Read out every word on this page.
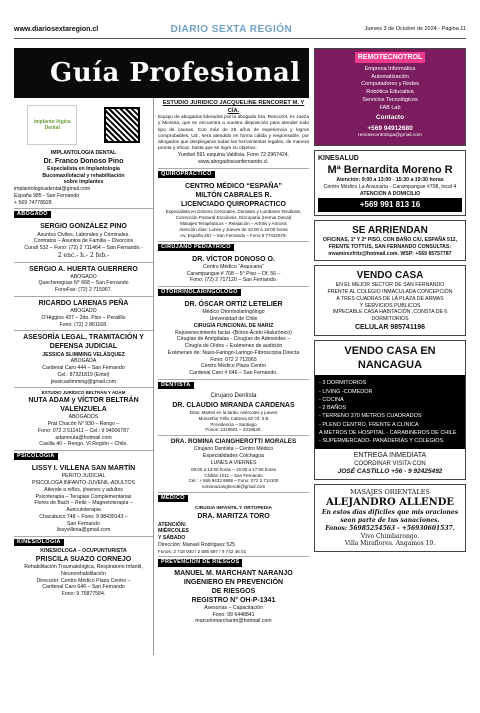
www.diariosextaregion.cl	DIARIO SEXTA REGIÓN	Jueves 3 de Octubre de 2024 - Página 11
Guía Profesional
implanto lógica Dental
IMPLANTOLOGIA DENTAL
Dr. Franco Donoso Pino
Especialista en Implantología
Bucomaxilofacial y rehabilitación
sobre implantes
implantologicadental@gmail.com
España 985 - San Fernando
+ 569 74778928
ABOGADO
SERGIO GONZÁLEZ PINO
Asuntos Civiles, Laborales y Criminales.
Contratos – Asuntos de Familia – Divorcios
Curalí 532 – Fono: (72) 2 711464 – San Fernando.-
2 enc.- h.- 2 feb.-
SERGIO A. HUERTA GUERRERO
ABOGADO
Quechereguas N° 668 – San Fernando
FonoFax: (72) 2 715967.
RICARDO LARENAS PEÑA
ABOGADO
O'Higgins 437 – 2do. Piso – Peralillo
Fono: (72) 2 861168.
ASESORÍA LEGAL, TRAMITACIÓN Y DEFENSA JUDICIAL
JESSICA SLIMMING VELÁSQUEZ
ABOGADA
Cardenal Caro 444 – San Fernando
Cel.: 87321819 (Entel)
jessicaslimming@gmail.com
ESTUDIO JURÍDICO BELTRÁN Y ADAM
NUTA ADAM y VÍCTOR BELTRÁN VALENZUELA
ABOGADOS
Prat Chacón N° 930 – Rengo –
Fono: 072 2 511411 – Cel.: 9 94006787
adamnuta@hotmail.com
Casilla 40 – Rengo. VI Región – Chile.
PSICOLOGÍA
LISSY I. VILLENA SAN MARTÍN
PERITO JUDICIAL
PSICOLOGA INFANTO-JUVENIL-ADULTOS
Atiende a niños, jóvenes y adultos
Psicoterapia – Terapias Complementarias
Flores de Bach – Reiki – Magnetoterapia –
Auriculoterapia
Chacabuco 748 – Fono: 9 98439143 –
San Fernando
lissyvillena@gmail.com
KINESIOLOGIA
KINESIOLOGA – OCUPUNTURISTA
PRISCILA SUAZO CORNEJO
Rehabilitación Traumatológica, Respiratorio Infantil,
Neurorehabilitación
Dirección: Centro Médico Plaza Centro –
Cardenal Caro 646 – San Fernando
Fono: 9 75877584.
ESTUDIO JURIDICO JACQUELINE RENCORET M. Y CÍA.
Equipo de abogados liderados por la abogada Sra. Rencoret, ex Jueza y Ministra, que se encuentra a vuestra disposición para atender todo tipo de causas. Con más de 25 años de experiencia y logros comprobables. Ud., será atendido en forma cálida y responsable, por abogados que desplegaran todas las herramientas legales, de manera pronta y eficaz, hasta que se logre su objetivo.
Yumbel 591 esquina Valdivia. Fono 72 2967424.
www.abogadossanfernando.cl.
QUIROPRÁCTICO
CENTRO MÉDICO “ESPAÑA”
MILTÓN CABRALES R.
LICENCIADO QUIROPRACTICO
Especialista en Dolores Cervicales, Dorsales y Lumbares Tendinitis, Corrección Postural Escoliosis, Discopatía (Hernia Discal)
Masajes Terapéuticos – Relajación – Artritis y Artrosis
Atención días: Lunes y Jueves de 10:00 a 16:00 horas
Av. España 467 – San Fernando – Fono 9 77432979.
CIRUJANO PEDIÁTRICO
DR. VÍCTOR DONOSO O.
Centro Médico “Araucaria”
Carampangue # 708 – 5° Piso – Of. 56 –
Fono: (72) 2 717120 – San Fernando.
OTORRINOLARINGÓLOGO
DR. ÓSCAR ORTIZ LETELIER
Médico Otorrinolaringólogo
Universidad de Chile
CIRUGÍA FUNCIONAL DE NARIZ
Rejuvenecimiento facial -(Botox-Ácido Hialurónico)
Cirugías de Amígdalas - Cirugías de Adenoides –
Cirugía de Oídos – Exámenes de audición
Exámenes de: Naso-Faringo-Laringo-Fibroscopia Directa
Fono: 072 2 712065
Centro Médico Plaza Centro
Cardenal Caro # 646 – San Fernando.
DENTISTA
Cirujano Dentista
DR. CLAUDIO MIRANDA CARDENAS
Días: Martes en la tarde, miércoles y jueves
Monseñor Félix Cabrera 62 Of. 3 B
Providencia – Santiago
Fonos: 2319601 – 2319630.
DRA. ROMINA CIANGHEROTTI MORALES
Cirujano Dentista – Centro Médico
Especialidades Colchagua
LUNES A VIERNES
09:00 a 13:00 horas – 15:00 a 17:00 horas
Chillán 1011 – San Fernando
Cel.: + 569 9433 9888 – Fono: 072 2 714100
romanaciangherotti@gmail.com
MÉDICO
CIRUGIA INFANTIL Y ORTOPEDIA
DRA. MARITZA TORO
ATENCIÓN:
MIÉRCOLES
Y SÁBADO
Dirección: Manuel Rodríguez 525
Fonos: 2 718 000 / 2 585 597 / 9 742 46 01
PREVENCIÓN DE RIESGOS
MANUEL M. MARCHANT NARANJO
INGENIERO EN PREVENCIÓN
DE RIESGOS
REGISTRO N° OH-P-1341
Asesorías – Capacitación
Fono: 99 6448841
marcelomarchantn@hotmail.com
REMOTECNOTROL
Empresa Informática
Automatización
Computadores y Redes
Robótica Educativa
Servicios Tecnológicos
FAB Lab
Contacto
+569 94912680
remotecontrolspa@gmail.com
KINESALUD
Mª Bernardita Moreno R
Atención: 9:00 a 13:00 - 15:30 a 19:30 horas
Centro Médico La Araucaria - Carampangue #708, local 4
ATENCIÓN A DOMICILIO
+569 991 813 16
SE ARRIENDAN
OFICINAS, 1º Y 2º PISO, CON BAÑO C/U, ESPAÑA 512, FRENTE TOTTUS, SAN FERNANDO CONSULTAS: mvamirezfritz@hotmail.com. WSP: +569 85757787
VENDO CASA
EN EL MEJOR SECTOR DE SAN FERNANDO
FRENTE AL COLEGIO INMACULADA CONCEPCIÓN
A TRES CUADRAS DE LA PLAZA DE ARMAS
Y SERVICIOS PUBLICOS
IMPECABLE CASA HABITACIÓN ,CONSTA DE 6 DORMITORIOS
CELULAR 985741196
VENDO CASA EN NANCAGUA
- 3 DORMITORIOS
- LIVING -COMEDOR
- COCINA
- 2 BAÑOS
- TERRENO 370 METROS CUADRADOS
- PLENO CENTRO, FRENTE A CLÍNICA
A METROS DE HOSPITAL - CARABINEROS DE CHILE
- SUPERMERCADO- PANADERÍAS Y COLEGIOS.
ENTREGA INMEDIATA
COORDINAR VISITA CON
JOSÉ CASTILLO +56 - 9 92425492
MASAJES ORIENTALES
ALEJANDRO ALLENDE
En estos días difíciles que mis oraciones sean parte de tus sanaciones.
Fonos: 56985254563 - +56930601537.
Vivo Chimbarongo.
Villa Miraflores. Angamos 19.
